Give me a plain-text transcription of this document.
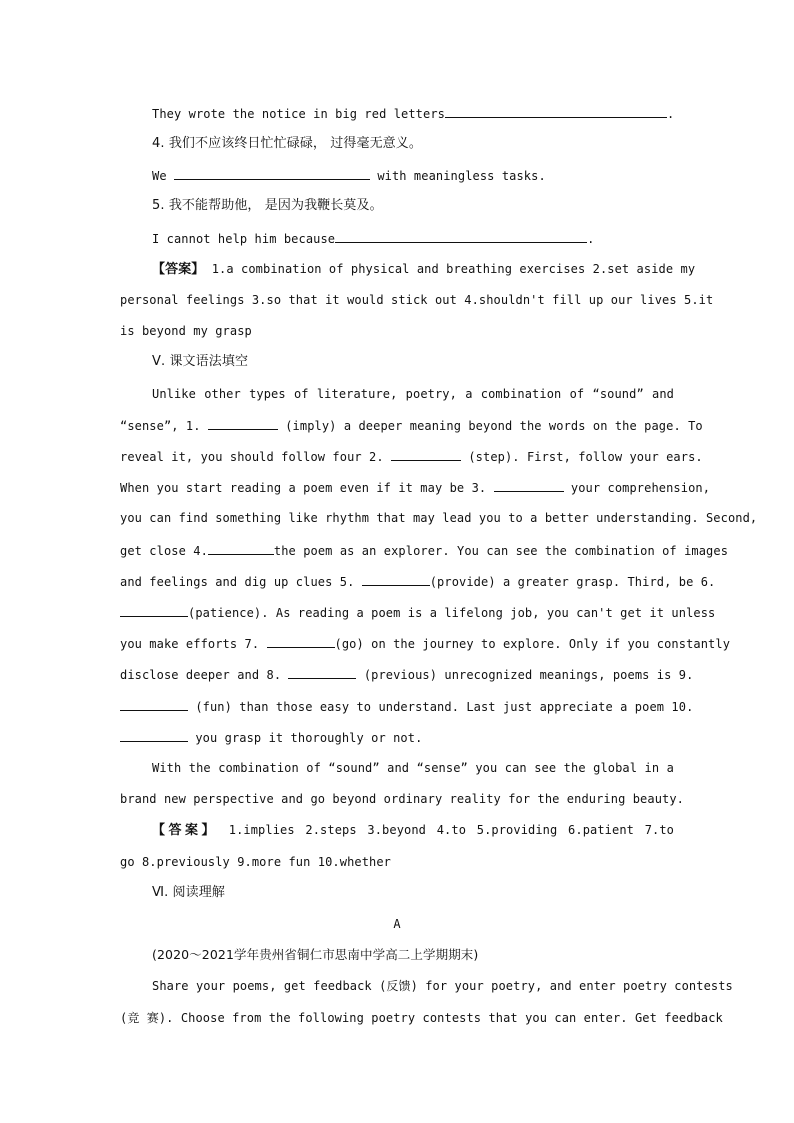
They wrote the notice in big red letters	.
4. 我们不应该终日忙忙碌碌， 过得毫无意义。
We	with meaningless tasks.
5. 我不能帮助他， 是因为我鞭长莫及。
I cannot help him because	.
【答案】 1.a combination of physical and breathing exercises 2.set aside my
personal feelings 3.so that it would stick out 4.shouldn't fill up our lives 5.it
is beyond my grasp
Ⅴ. 课文语法填空
Unlike other types of literature, poetry, a combination of “sound” and
“sense”, 1.	(imply) a deeper meaning beyond the words on the page. To
reveal it, you should follow four 2.	(step). First, follow your ears.
When you start reading a poem even if it may be 3.	your comprehension,
you can find something like rhythm that may lead you to a better understanding. Second,
get close 4.	the poem as an explorer. You can see the combination of images
and feelings and dig up clues 5.	(provide) a greater grasp. Third, be 6.
(patience). As reading a poem is a lifelong job, you can't get it unless
you make efforts 7.	(go) on the journey to explore. Only if you constantly
disclose deeper and 8.	(previous) unrecognized meanings, poems is 9.
(fun) than those easy to understand. Last just appreciate a poem 10.
you grasp it thoroughly or not.
With the combination of “sound” and “sense” you can see the global in a
brand new perspective and go beyond ordinary reality for the enduring beauty.
【答案】 1.implies 2.steps 3.beyond 4.to 5.providing 6.patient 7.to
go 8.previously 9.more fun 10.whether
Ⅵ. 阅读理解
A
(2020～2021学年贵州省铜仁市思南中学高二上学期期末)
Share your poems, get feedback (反馈) for your poetry, and enter poetry contests
(竞 赛). Choose from the following poetry contests that you can enter. Get feedback
